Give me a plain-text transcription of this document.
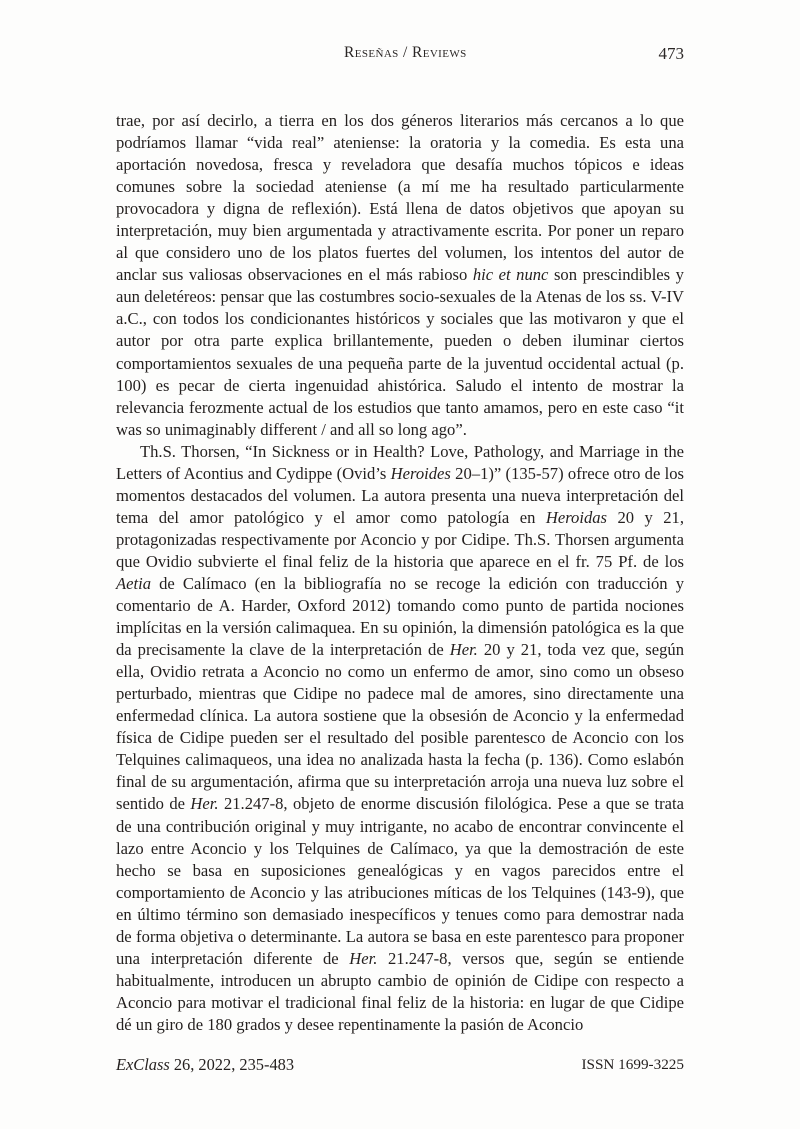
Reseñas / Reviews	473

trae, por así decirlo, a tierra en los dos géneros literarios más cercanos a lo que podríamos llamar “vida real” ateniense: la oratoria y la comedia. Es esta una aportación novedosa, fresca y reveladora que desafía muchos tópicos e ideas comunes sobre la sociedad ateniense (a mí me ha resultado particularmente provocadora y digna de reflexión). Está llena de datos objetivos que apoyan su interpretación, muy bien argumentada y atractivamente escrita. Por poner un reparo al que considero uno de los platos fuertes del volumen, los intentos del autor de anclar sus valiosas observaciones en el más rabioso hic et nunc son prescindibles y aun deletéreos: pensar que las costumbres socio-sexuales de la Atenas de los ss. V-IV a.C., con todos los condicionantes históricos y sociales que las motivaron y que el autor por otra parte explica brillantemente, pueden o deben iluminar ciertos comportamientos sexuales de una pequeña parte de la juventud occidental actual (p. 100) es pecar de cierta ingenuidad ahistórica. Saludo el intento de mostrar la relevancia ferozmente actual de los estudios que tanto amamos, pero en este caso “it was so unimaginably different / and all so long ago”.

Th.S. Thorsen, “In Sickness or in Health? Love, Pathology, and Marriage in the Letters of Acontius and Cydippe (Ovid’s Heroides 20–1)” (135-57) ofrece otro de los momentos destacados del volumen. La autora presenta una nueva interpretación del tema del amor patológico y el amor como patología en Heroidas 20 y 21, protagonizadas respectivamente por Aconcio y por Cidipe. Th.S. Thorsen argumenta que Ovidio subvierte el final feliz de la historia que aparece en el fr. 75 Pf. de los Aetia de Calímaco (en la bibliografía no se recoge la edición con traducción y comentario de A. Harder, Oxford 2012) tomando como punto de partida nociones implícitas en la versión calimaquea. En su opinión, la dimensión patológica es la que da precisamente la clave de la interpretación de Her. 20 y 21, toda vez que, según ella, Ovidio retrata a Aconcio no como un enfermo de amor, sino como un obseso perturbado, mientras que Cidipe no padece mal de amores, sino directamente una enfermedad clínica. La autora sostiene que la obsesión de Aconcio y la enfermedad física de Cidipe pueden ser el resultado del posible parentesco de Aconcio con los Telquines calimaqueos, una idea no analizada hasta la fecha (p. 136). Como eslabón final de su argumentación, afirma que su interpretación arroja una nueva luz sobre el sentido de Her. 21.247-8, objeto de enorme discusión filológica. Pese a que se trata de una contribución original y muy intrigante, no acabo de encontrar convincente el lazo entre Aconcio y los Telquines de Calímaco, ya que la demostración de este hecho se basa en suposiciones genealógicas y en vagos parecidos entre el comportamiento de Aconcio y las atribuciones míticas de los Telquines (143-9), que en último término son demasiado inespecíficos y tenues como para demostrar nada de forma objetiva o determinante. La autora se basa en este parentesco para proponer una interpretación diferente de Her. 21.247-8, versos que, según se entiende habitualmente, introducen un abrupto cambio de opinión de Cidipe con respecto a Aconcio para motivar el tradicional final feliz de la historia: en lugar de que Cidipe dé un giro de 180 grados y desee repentinamente la pasión de Aconcio

ExClass 26, 2022, 235-483	ISSN 1699-3225
